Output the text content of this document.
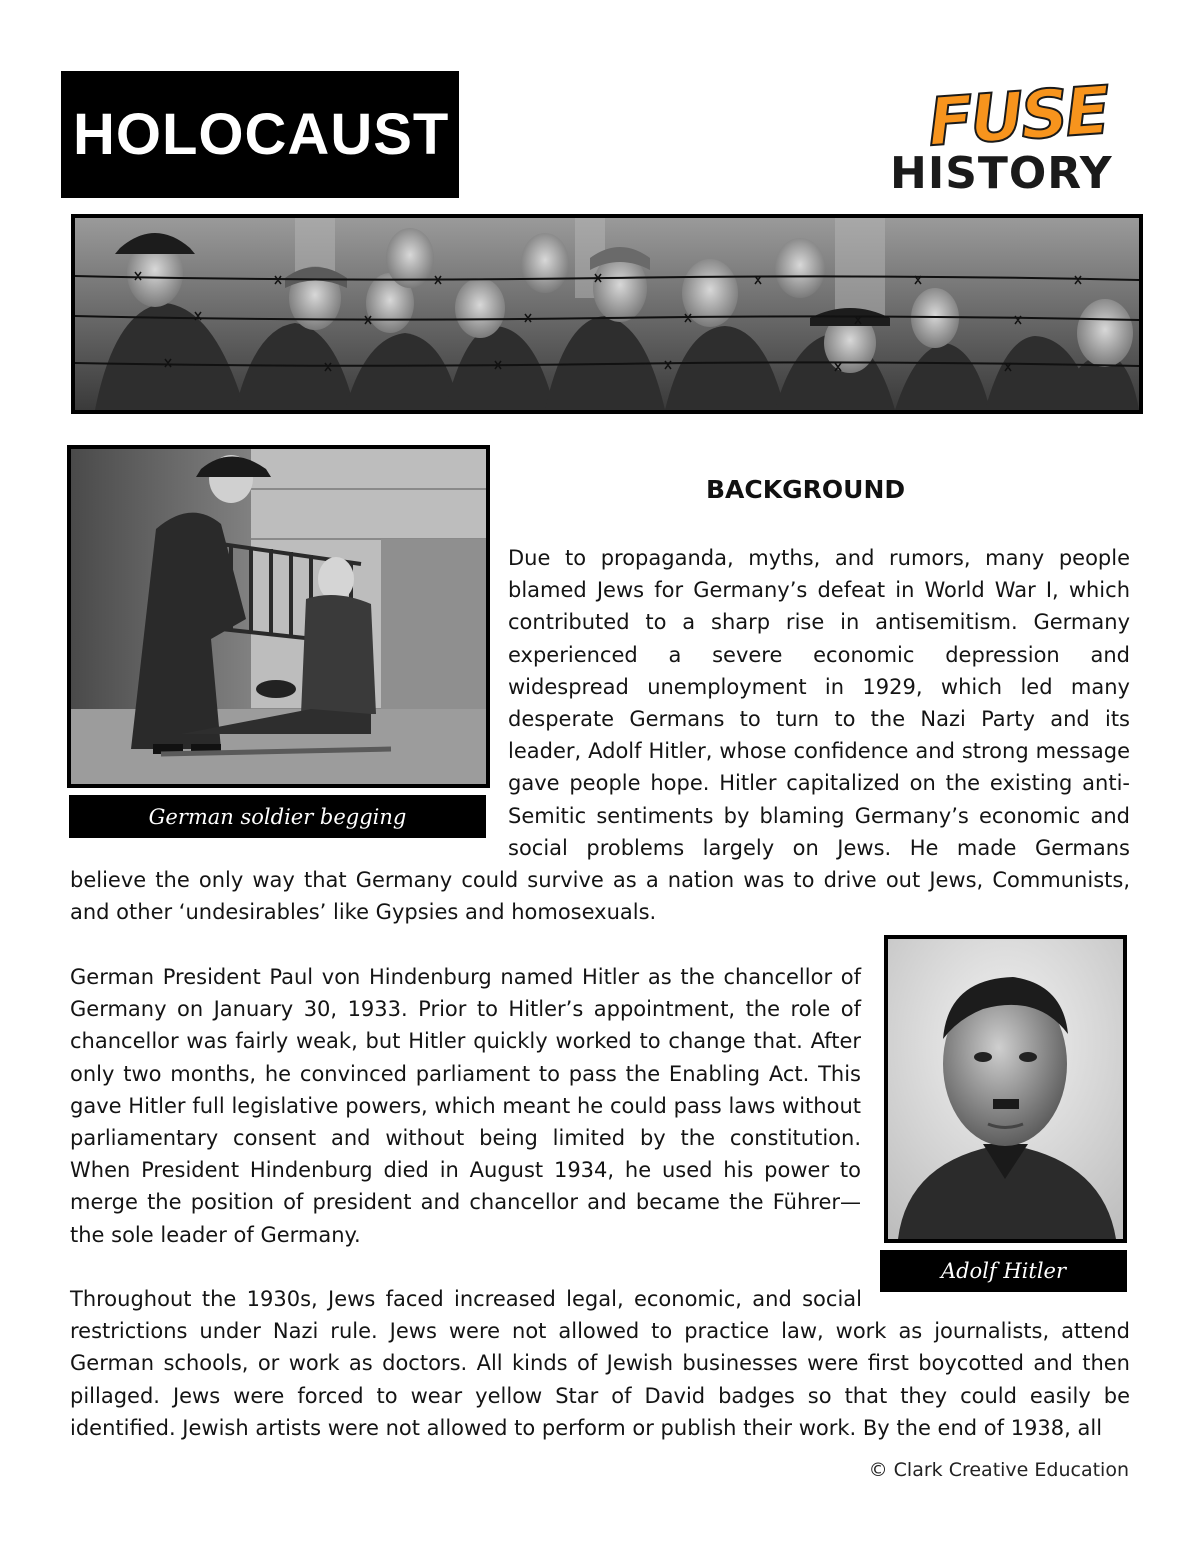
HOLOCAUST	FUSE
HISTORY
German soldier begging
BACKGROUND
Due to propaganda, myths, and rumors, many people blamed Jews for Germany’s defeat in World War I, which contributed to a sharp rise in antisemitism. Germany experienced a severe economic depression and widespread unemployment in 1929, which led many desperate Germans to turn to the Nazi Party and its leader, Adolf Hitler, whose confidence and strong message gave people hope. Hitler capitalized on the existing anti-Semitic sentiments by blaming Germany’s economic and social problems largely on Jews. He made Germans believe the only way that Germany could survive as a nation was to drive out Jews, Communists, and other ‘undesirables’ like Gypsies and homosexuals.
Adolf Hitler
German President Paul von Hindenburg named Hitler as the chancellor of Germany on January 30, 1933. Prior to Hitler’s appointment, the role of chancellor was fairly weak, but Hitler quickly worked to change that. After only two months, he convinced parliament to pass the Enabling Act. This gave Hitler full legislative powers, which meant he could pass laws without parliamentary consent and without being limited by the constitution. When President Hindenburg died in August 1934, he used his power to merge the position of president and chancellor and became the Führer—the sole leader of Germany.
Throughout the 1930s, Jews faced increased legal, economic, and social restrictions under Nazi rule. Jews were not allowed to practice law, work as journalists, attend German schools, or work as doctors. All kinds of Jewish businesses were first boycotted and then pillaged. Jews were forced to wear yellow Star of David badges so that they could easily be identified. Jewish artists were not allowed to perform or publish their work. By the end of 1938, all
© Clark Creative Education
